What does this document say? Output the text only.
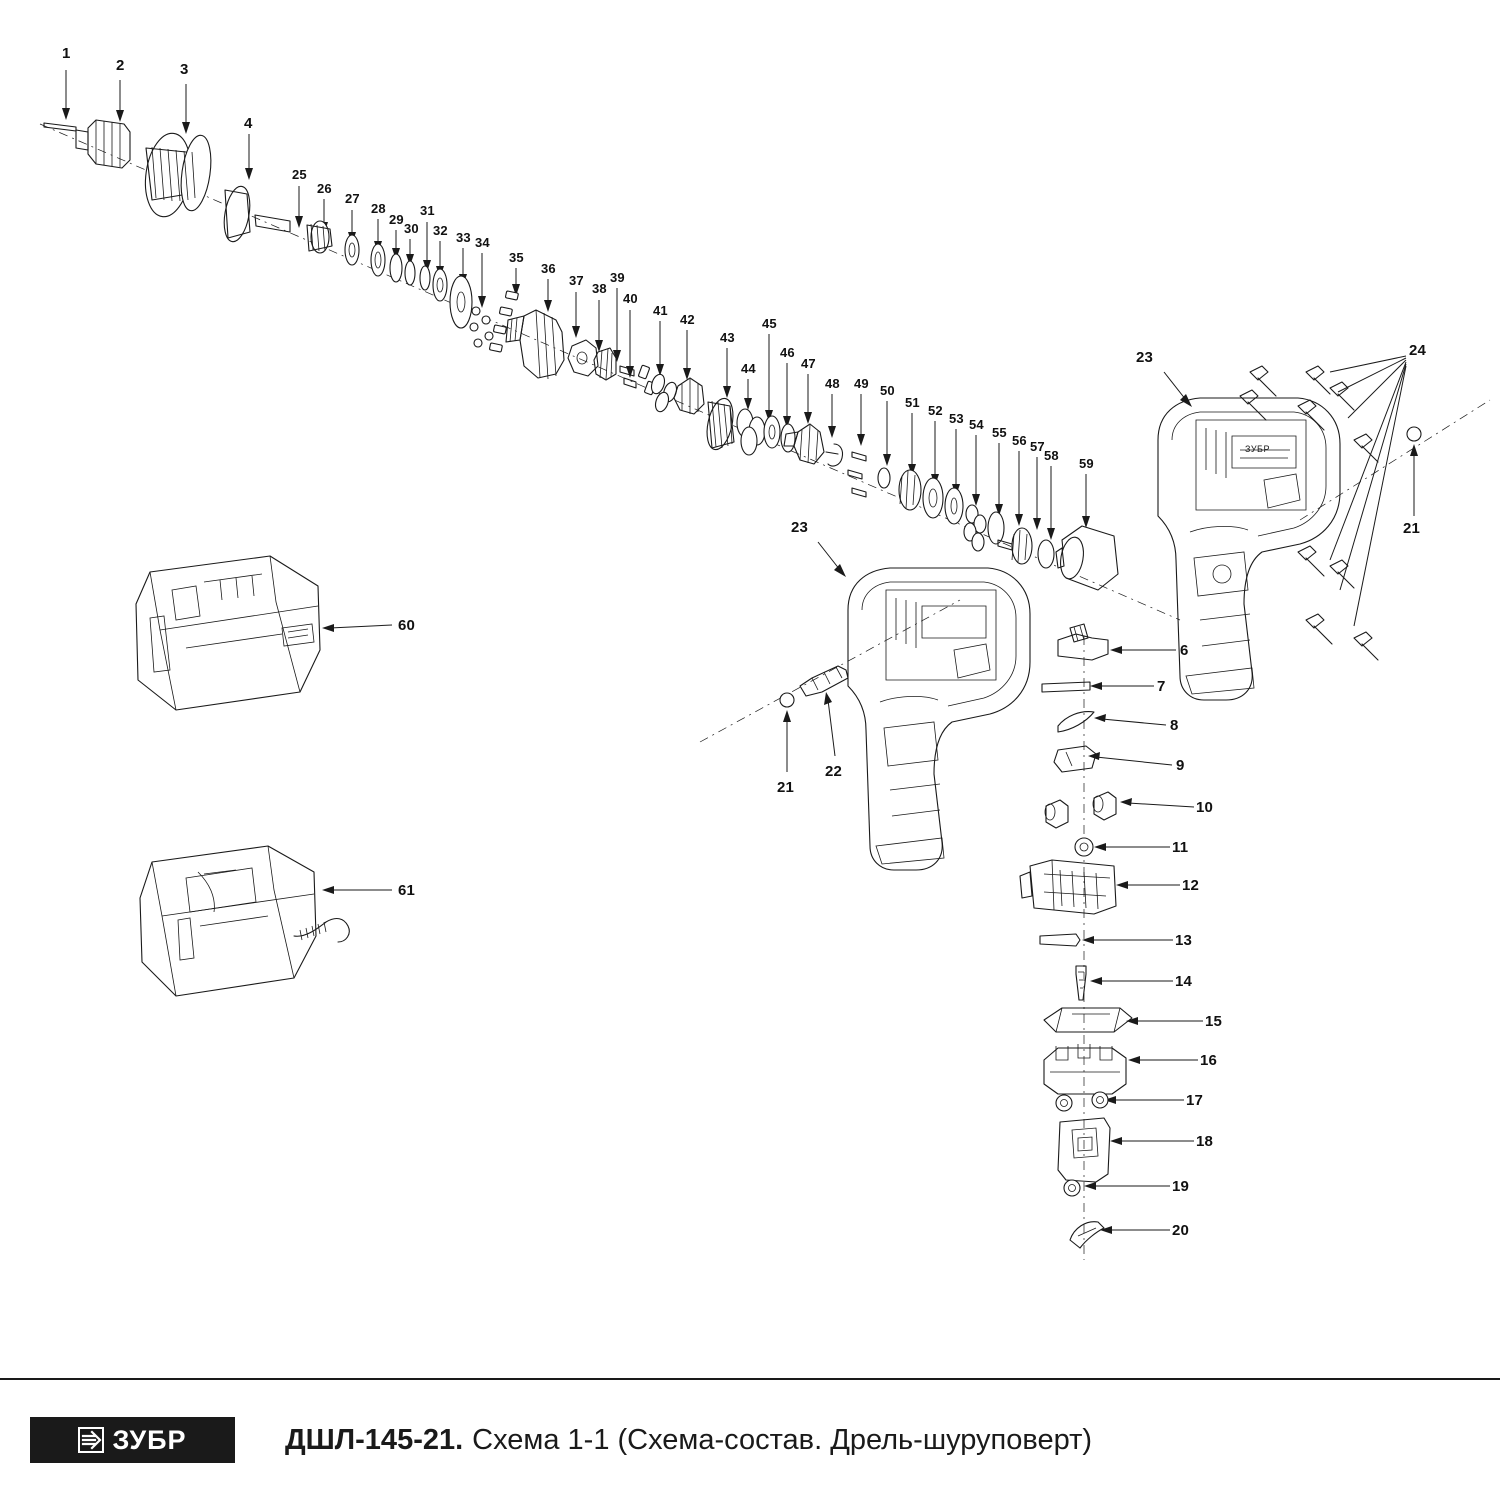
ЗУБР
1
2	3
4
25
26
27
28
29
30
31
32 33 34
35
36
37
38
39
40
41
42
43
44
45
46
47
48 49 50
51
52
53 54
55
56 57
58
59
23	24
21
23
21
22
6
7
8
9
10
11
12
13
14
15
16
17
18
19
20
60
61
ЗУБР	ДШЛ-145-21. Схема 1-1 (Схема-состав. Дрель-шуруповерт)
